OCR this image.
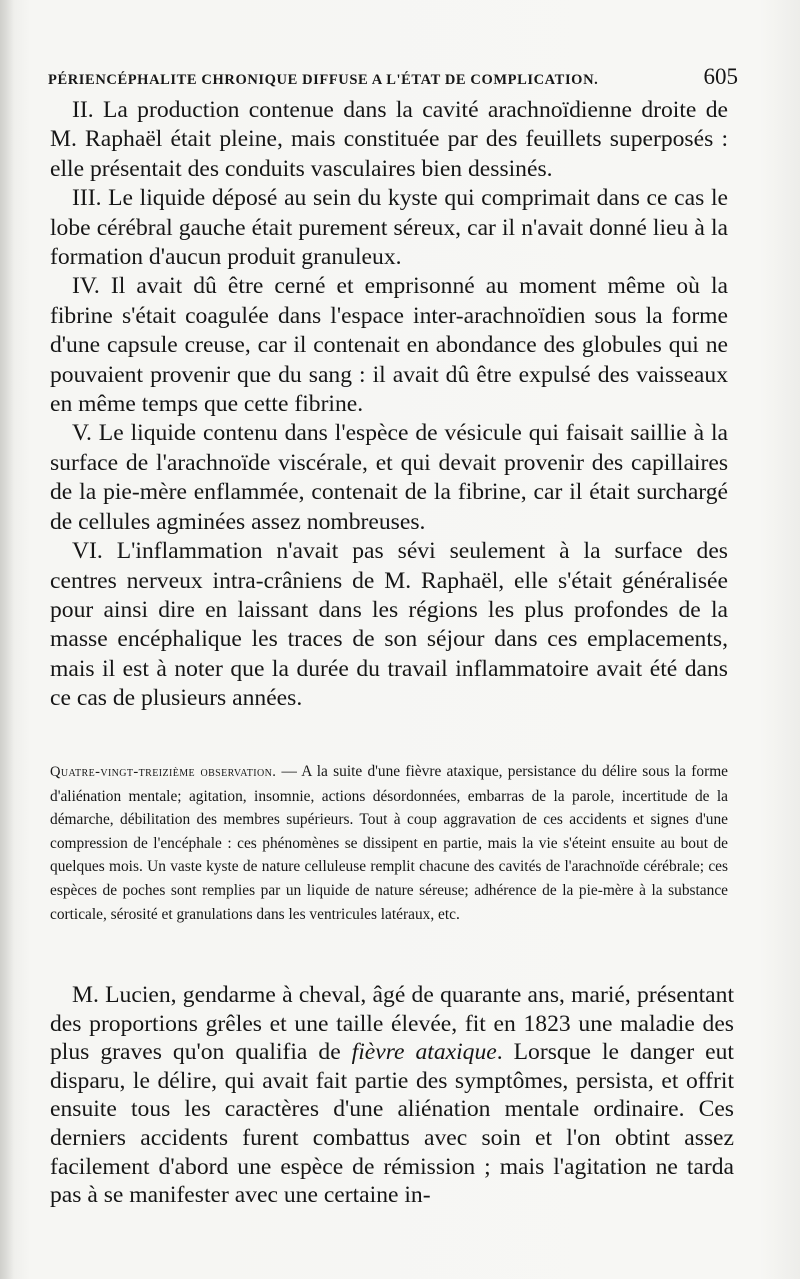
PÉRIENCÉPHALITE CHRONIQUE DIFFUSE A L'ÉTAT DE COMPLICATION.	605

II. La production contenue dans la cavité arachnoïdienne droite de M. Raphaël était pleine, mais constituée par des feuillets superposés : elle présentait des conduits vasculaires bien dessinés.

III. Le liquide déposé au sein du kyste qui comprimait dans ce cas le lobe cérébral gauche était purement séreux, car il n'avait donné lieu à la formation d'aucun produit granuleux.

IV. Il avait dû être cerné et emprisonné au moment même où la fibrine s'était coagulée dans l'espace inter-arachnoïdien sous la forme d'une capsule creuse, car il contenait en abondance des globules qui ne pouvaient provenir que du sang : il avait dû être expulsé des vaisseaux en même temps que cette fibrine.

V. Le liquide contenu dans l'espèce de vésicule qui faisait saillie à la surface de l'arachnoïde viscérale, et qui devait provenir des capillaires de la pie-mère enflammée, contenait de la fibrine, car il était surchargé de cellules agminées assez nombreuses.

VI. L'inflammation n'avait pas sévi seulement à la surface des centres nerveux intra-crâniens de M. Raphaël, elle s'était généralisée pour ainsi dire en laissant dans les régions les plus profondes de la masse encéphalique les traces de son séjour dans ces emplacements, mais il est à noter que la durée du travail inflammatoire avait été dans ce cas de plusieurs années.

Quatre-vingt-treizième observation. — A la suite d'une fièvre ataxique, persistance du délire sous la forme d'aliénation mentale; agitation, insomnie, actions désordonnées, embarras de la parole, incertitude de la démarche, débilitation des membres supérieurs. Tout à coup aggravation de ces accidents et signes d'une compression de l'encéphale : ces phénomènes se dissipent en partie, mais la vie s'éteint ensuite au bout de quelques mois. Un vaste kyste de nature celluleuse remplit chacune des cavités de l'arachnoïde cérébrale; ces espèces de poches sont remplies par un liquide de nature séreuse; adhérence de la pie-mère à la substance corticale, sérosité et granulations dans les ventricules latéraux, etc.

M. Lucien, gendarme à cheval, âgé de quarante ans, marié, présentant des proportions grêles et une taille élevée, fit en 1823 une maladie des plus graves qu'on qualifia de fièvre ataxique. Lorsque le danger eut disparu, le délire, qui avait fait partie des symptômes, persista, et offrit ensuite tous les caractères d'une aliénation mentale ordinaire. Ces derniers accidents furent combattus avec soin et l'on obtint assez facilement d'abord une espèce de rémission ; mais l'agitation ne tarda pas à se manifester avec une certaine in-
